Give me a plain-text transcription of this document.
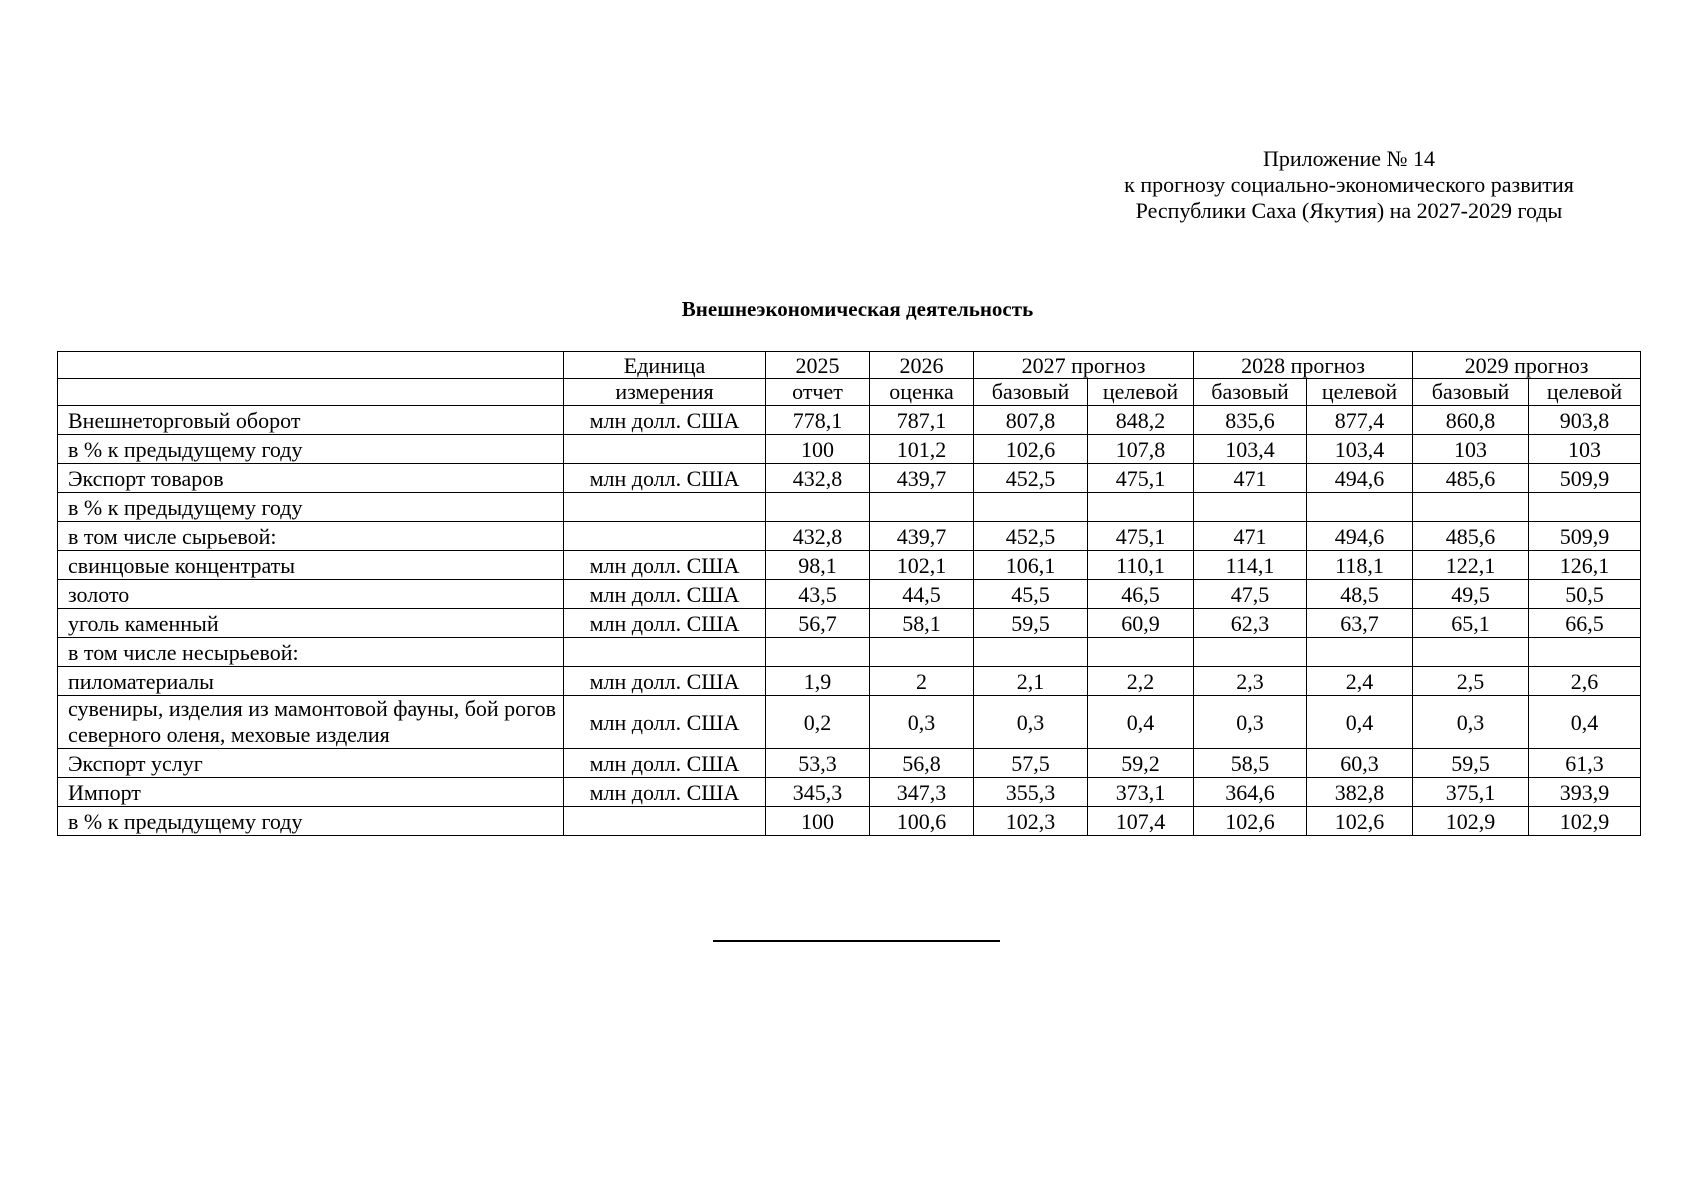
Приложение № 14
к прогнозу социально-экономического развития
Республики Саха (Якутия) на 2027-2029 годы
Внешнеэкономическая деятельность
	Единица	2025	2026	2027 прогноз		2028 прогноз		2029 прогноз	
	измерения	отчет	оценка	базовый	целевой	базовый	целевой	базовый	целевой
Внешнеторговый оборот	млн долл. США	778,1	787,1	807,8	848,2	835,6	877,4	860,8	903,8
в % к предыдущему году		100	101,2	102,6	107,8	103,4	103,4	103	103
Экспорт товаров	млн долл. США	432,8	439,7	452,5	475,1	471	494,6	485,6	509,9
в % к предыдущему году									
в том числе сырьевой:		432,8	439,7	452,5	475,1	471	494,6	485,6	509,9
свинцовые концентраты	млн долл. США	98,1	102,1	106,1	110,1	114,1	118,1	122,1	126,1
золото	млн долл. США	43,5	44,5	45,5	46,5	47,5	48,5	49,5	50,5
уголь каменный	млн долл. США	56,7	58,1	59,5	60,9	62,3	63,7	65,1	66,5
в том числе несырьевой:									
пиломатериалы	млн долл. США	1,9	2	2,1	2,2	2,3	2,4	2,5	2,6
сувениры, изделия из мамонтовой фауны, бой рогов северного оленя, меховые изделия	млн долл. США	0,2	0,3	0,3	0,4	0,3	0,4	0,3	0,4
Экспорт услуг	млн долл. США	53,3	56,8	57,5	59,2	58,5	60,3	59,5	61,3
Импорт	млн долл. США	345,3	347,3	355,3	373,1	364,6	382,8	375,1	393,9
в % к предыдущему году		100	100,6	102,3	107,4	102,6	102,6	102,9	102,9
